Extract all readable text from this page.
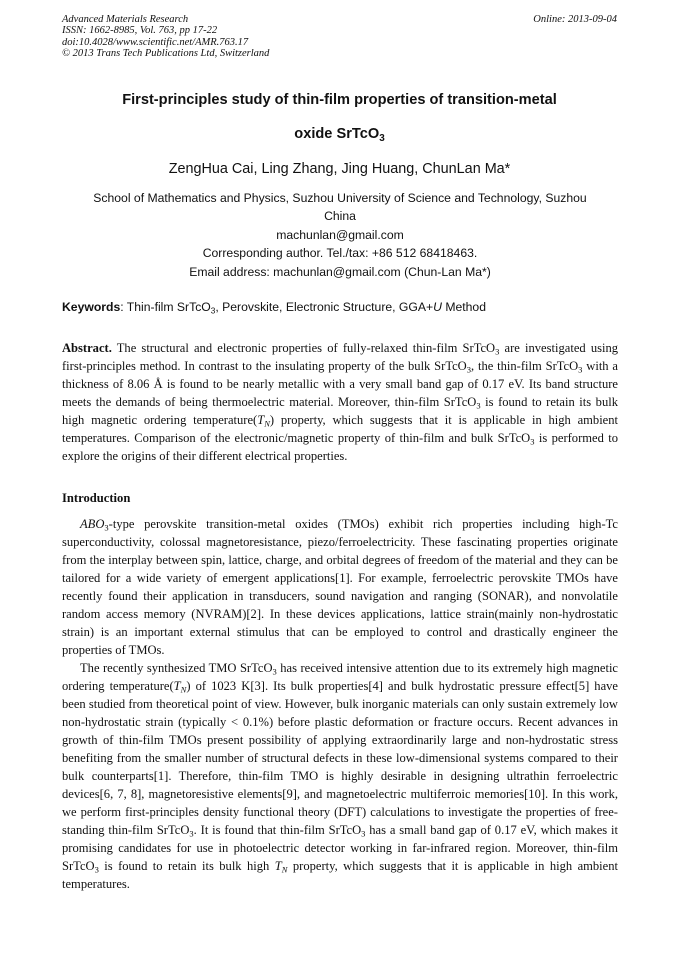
Advanced Materials Research
ISSN: 1662-8985, Vol. 763, pp 17-22
doi:10.4028/www.scientific.net/AMR.763.17
© 2013 Trans Tech Publications Ltd, Switzerland
Online: 2013-09-04
First-principles study of thin-film properties of transition-metal
oxide SrTcO$_3$
ZengHua Cai, Ling Zhang, Jing Huang, ChunLan Ma*
School of Mathematics and Physics, Suzhou University of Science and Technology, Suzhou
China
machunlan@gmail.com
Corresponding author. Tel./tax: +86 512 68418463.
Email address: machunlan@gmail.com (Chun-Lan Ma*)
Keywords: Thin-film SrTcO$_3$, Perovskite, Electronic Structure, GGA+U Method
Abstract. The structural and electronic properties of fully-relaxed thin-film SrTcO$_3$ are investigated using first-principles method. In contrast to the insulating property of the bulk SrTcO$_3$, the thin-film SrTcO$_3$ with a thickness of 8.06 Å is found to be nearly metallic with a very small band gap of 0.17 eV. Its band structure meets the demands of being thermoelectric material. Moreover, thin-film SrTcO$_3$ is found to retain its bulk high magnetic ordering $temperature(T_N)$ property, which suggests that it is applicable in high ambient temperatures. Comparison of the electronic/magnetic property of thin-film and bulk SrTcO$_3$ is performed to explore the origins of their different electrical properties.
Introduction
$ABO_3$-type perovskite transition-metal oxides (TMOs) exhibit rich properties including high-Tc superconductivity, colossal magnetoresistance, piezo/ferroelectricity. These fascinating properties originate from the interplay between spin, lattice, charge, and orbital degrees of freedom of the material and they can be tailored for a wide variety of emergent applications[1]. For example, ferroelectric perovskite TMOs have recently found their application in transducers, sound navigation and ranging (SONAR), and nonvolatile random access memory (NVRAM)[2]. In these devices applications, lattice strain(mainly non-hydrostatic strain) is an important external stimulus that can be employed to control and drastically engineer the properties of TMOs.
The recently synthesized TMO SrTcO$_3$ has received intensive attention due to its extremely high magnetic ordering $temperature(T_N)$ of 1023 K[3]. Its bulk properties[4] and bulk hydrostatic pressure effect[5] have been studied from theoretical point of view. However, bulk inorganic materials can only sustain extremely low non-hydrostatic strain (typically < 0.1%) before plastic deformation or fracture occurs. Recent advances in growth of thin-film TMOs present possibility of applying extraordinarily large and non-hydrostatic stress benefiting from the smaller number of structural defects in these low-dimensional systems compared to their bulk counterparts[1]. Therefore, thin-film TMO is highly desirable in designing ultrathin ferroelectric devices[6, 7, 8], magnetoresistive elements[9], and magnetoelectric multiferroic memories[10]. In this work, we perform first-principles density functional theory (DFT) calculations to investigate the properties of free-standing thin-film SrTcO$_3$. It is found that thin-film SrTcO$_3$ has a small band gap of 0.17 eV, which makes it promising candidates for use in photoelectric detector working in far-infrared region. Moreover, thin-film SrTcO$_3$ is found to retain its bulk high $T_N$ property, which suggests that it is applicable in high ambient temperatures.
